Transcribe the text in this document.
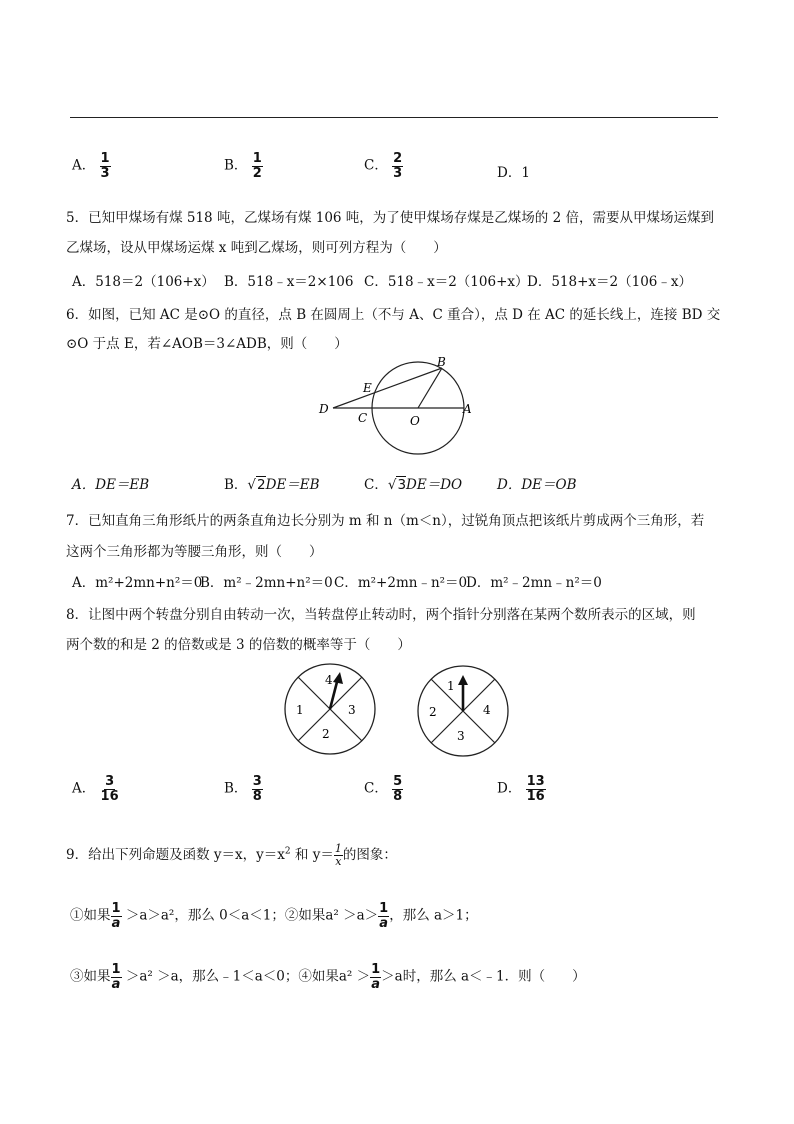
A． $\frac{1}{3}$	B． $\frac{1}{2}$	C． $\frac{2}{3}$	D．1
5．已知甲煤场有煤 518 吨，乙煤场有煤 106 吨，为了使甲煤场存煤是乙煤场的 2 倍，需要从甲煤场运煤到
乙煤场，设从甲煤场运煤 x 吨到乙煤场，则可列方程为（　　）
A．518＝2（106+x） B．518﹣x＝2×106 C．518﹣x＝2（106+x）
D．518+x＝2（106﹣x）
6．如图，已知 AC 是⊙O 的直径，点 B 在圆周上（不与 A、C 重合），点 D 在 AC 的延长线上，连接 BD 交
⊙O 于点 E，若∠AOB＝3∠ADB，则（　　）
B
E
D
C	O
A
A．DE＝EB	B．√2DE＝EB	C．√3DE＝DO	D．DE＝OB
7．已知直角三角形纸片的两条直角边长分别为 m 和 n（m＜n），过锐角顶点把该纸片剪成两个三角形，若
这两个三角形都为等腰三角形，则（　　）
A．m²+2mn+n²＝0
B．m²﹣2mn+n²＝0 C．m²+2mn﹣n²＝0
D．m²﹣2mn﹣n²＝0
8．让图中两个转盘分别自由转动一次，当转盘停止转动时，两个指针分别落在某两个数所表示的区域，则
两个数的和是 2 的倍数或是 3 的倍数的概率等于（　　）
1
2
3
4	1
2
3
4
A． $\frac{3}{16}$	B． $\frac{3}{8}$	C． $\frac{5}{8}$	D． $\frac{13}{16}$
9．给出下列命题及函数 y＝x，$y=x^2$ 和 $y= \frac{1}{x}$ 的图象：
①如果 $\frac{1}{a} >a>a^2$，那么 0＜a＜1；②如果$a^2 >a> \frac{1}{a}$ ，那么 a＞1；
③如果 $\frac{1}{a} >a^2 >a$，那么﹣1＜a＜0；④如果$a^2 > \frac{1}{a} >a$时，那么 a＜﹣1．则（　　）
